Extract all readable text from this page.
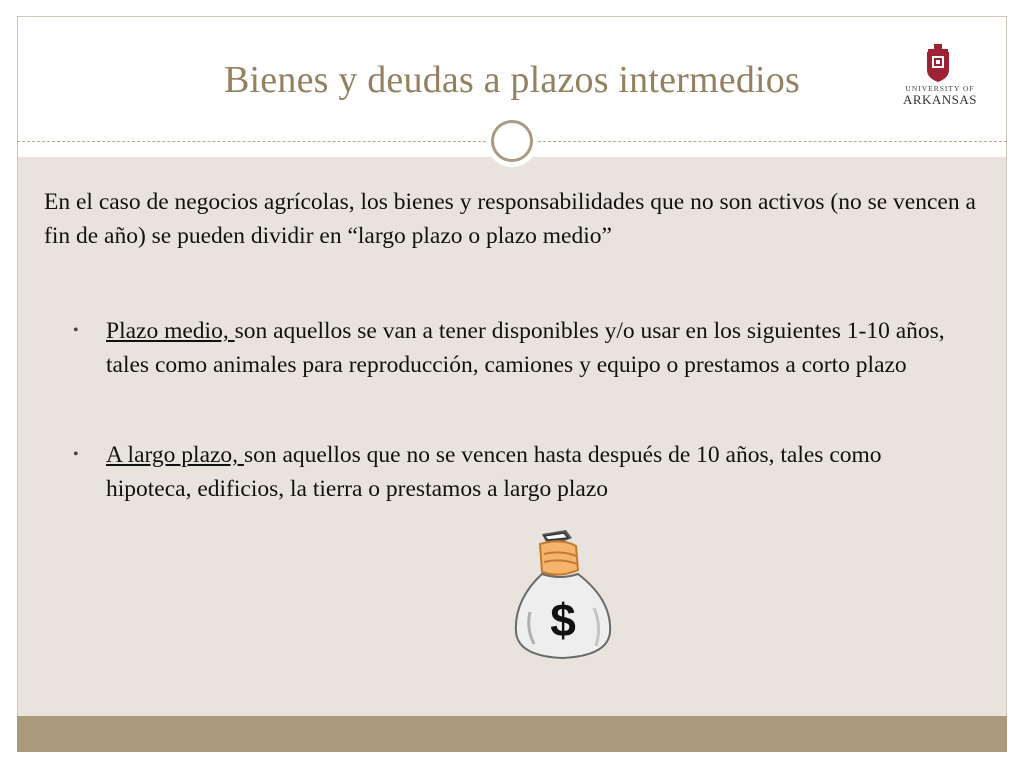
Bienes y deudas a plazos intermedios	UNIVERSITY OF
ARKANSAS
En el caso de negocios agrícolas, los bienes y responsabilidades que no son activos (no se vencen a fin de año) se pueden dividir en “largo plazo o plazo medio”
• Plazo medio, son aquellos se van a tener disponibles y/o usar en los siguientes 1-10 años, tales como animales para reproducción, camiones y equipo o prestamos a corto plazo
• A largo plazo, son aquellos que no se vencen hasta después de 10 años, tales como hipoteca, edificios, la tierra o prestamos a largo plazo
$
